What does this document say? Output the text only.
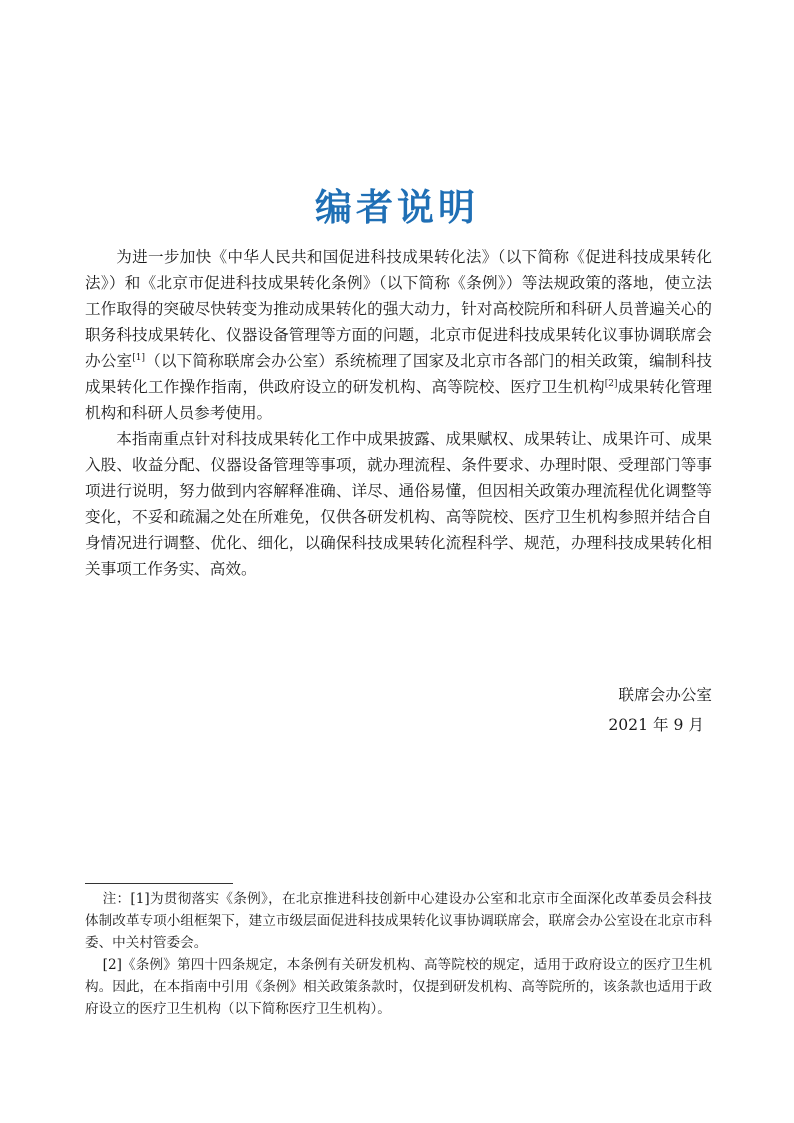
编者说明

为进一步加快《中华人民共和国促进科技成果转化法》（以下简称《促进科技成果转化法》）和《北京市促进科技成果转化条例》（以下简称《条例》）等法规政策的落地，使立法工作取得的突破尽快转变为推动成果转化的强大动力，针对高校院所和科研人员普遍关心的职务科技成果转化、仪器设备管理等方面的问题，北京市促进科技成果转化议事协调联席会办公室[1]（以下简称联席会办公室）系统梳理了国家及北京市各部门的相关政策，编制科技成果转化工作操作指南，供政府设立的研发机构、高等院校、医疗卫生机构[2]成果转化管理机构和科研人员参考使用。

本指南重点针对科技成果转化工作中成果披露、成果赋权、成果转让、成果许可、成果入股、收益分配、仪器设备管理等事项，就办理流程、条件要求、办理时限、受理部门等事项进行说明，努力做到内容解释准确、详尽、通俗易懂，但因相关政策办理流程优化调整等变化，不妥和疏漏之处在所难免，仅供各研发机构、高等院校、医疗卫生机构参照并结合自身情况进行调整、优化、细化，以确保科技成果转化流程科学、规范，办理科技成果转化相关事项工作务实、高效。

联席会办公室
2021 年 9 月

注：[1]为贯彻落实《条例》，在北京推进科技创新中心建设办公室和北京市全面深化改革委员会科技体制改革专项小组框架下，建立市级层面促进科技成果转化议事协调联席会，联席会办公室设在北京市科委、中关村管委会。

[2]《条例》第四十四条规定，本条例有关研发机构、高等院校的规定，适用于政府设立的医疗卫生机构。因此，在本指南中引用《条例》相关政策条款时，仅提到研发机构、高等院所的，该条款也适用于政府设立的医疗卫生机构（以下简称医疗卫生机构）。
